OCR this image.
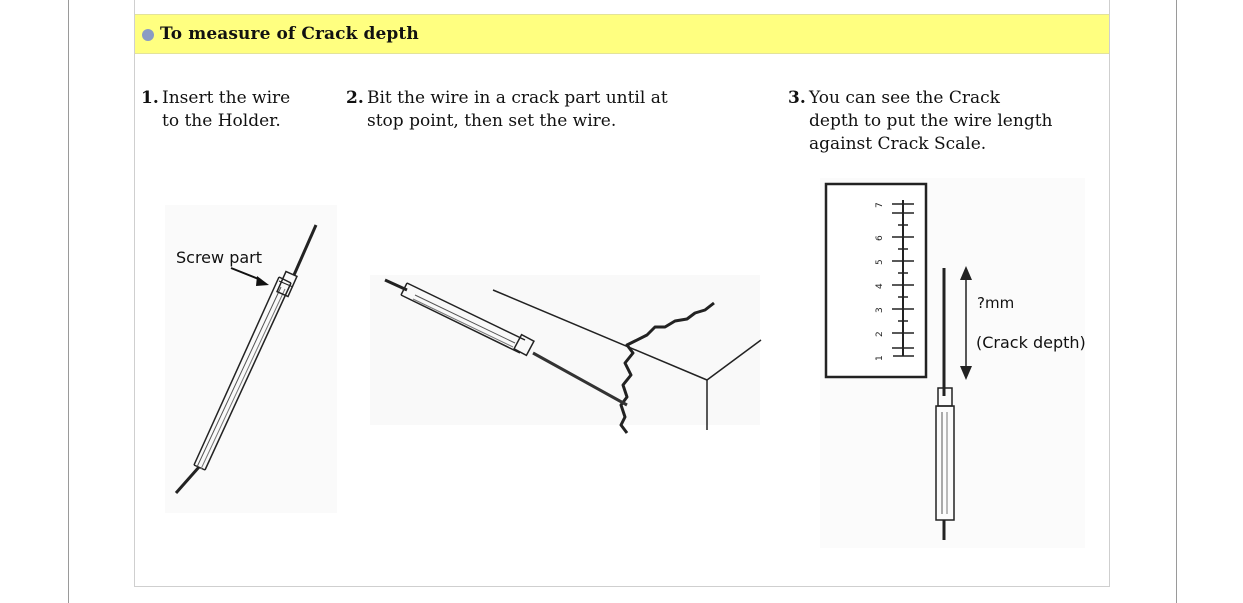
To measure of Crack depth
1. Insert the wire
to the Holder.
2. Bit the wire in a crack part until at
stop point, then set the wire.
3. You can see the Crack
depth to put the wire length
against Crack Scale.
Screw part
1
2
3
4
5
6
7
?mm
(Crack depth)
